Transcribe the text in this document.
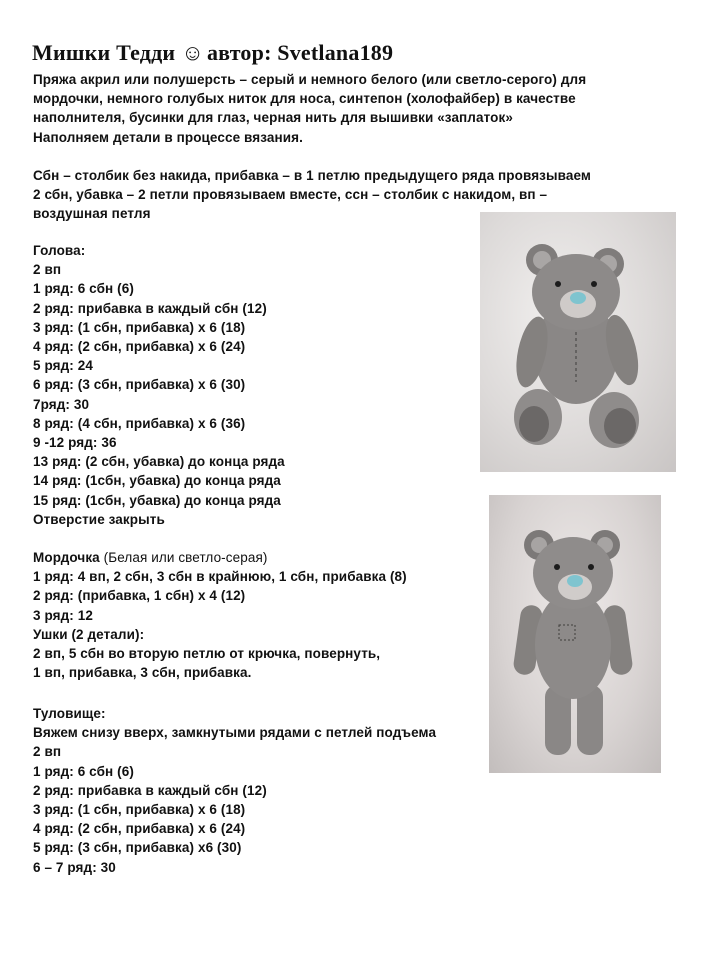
Мишки Тедди ☺ автор: Svetlana189
Пряжа акрил или полушерсть – серый и немного белого (или светло-серого) для
мордочки, немного голубых ниток для носа, синтепон (холофайбер) в качестве
наполнителя, бусинки для глаз, черная нить для вышивки «заплаток»
Наполняем детали в процессе вязания.
Сбн – столбик без накида, прибавка – в 1 петлю предыдущего ряда провязываем
2 сбн, убавка – 2 петли провязываем вместе, ссн – столбик с накидом, вп –
воздушная петля
Голова:
2 вп
1 ряд: 6 сбн (6)
2 ряд: прибавка в каждый сбн (12)
3 ряд: (1 сбн, прибавка) х 6 (18)
4 ряд: (2 сбн, прибавка) х 6 (24)
5 ряд: 24
6 ряд: (3 сбн, прибавка) х 6 (30)
7ряд: 30
8 ряд: (4 сбн, прибавка) х 6 (36)
9 -12 ряд: 36
13 ряд: (2 сбн, убавка) до конца ряда
14 ряд: (1сбн, убавка) до конца ряда
15 ряд: (1сбн, убавка) до конца ряда
Отверстие закрыть
Мордочка (Белая или светло-серая)
1 ряд: 4 вп, 2 сбн, 3 сбн в крайнюю, 1 сбн, прибавка (8)
2 ряд: (прибавка, 1 сбн) х 4 (12)
3 ряд: 12
Ушки (2 детали):
2 вп, 5 сбн во вторую петлю от крючка, повернуть,
1 вп, прибавка, 3 сбн, прибавка.
Туловище:
Вяжем снизу вверх, замкнутыми рядами с петлей подъема
2 вп
1 ряд: 6 сбн (6)
2 ряд: прибавка в каждый сбн (12)
3 ряд: (1 сбн, прибавка) х 6 (18)
4 ряд: (2 сбн, прибавка) х 6 (24)
5 ряд: (3 сбн, прибавка) х6 (30)
6 – 7 ряд: 30
